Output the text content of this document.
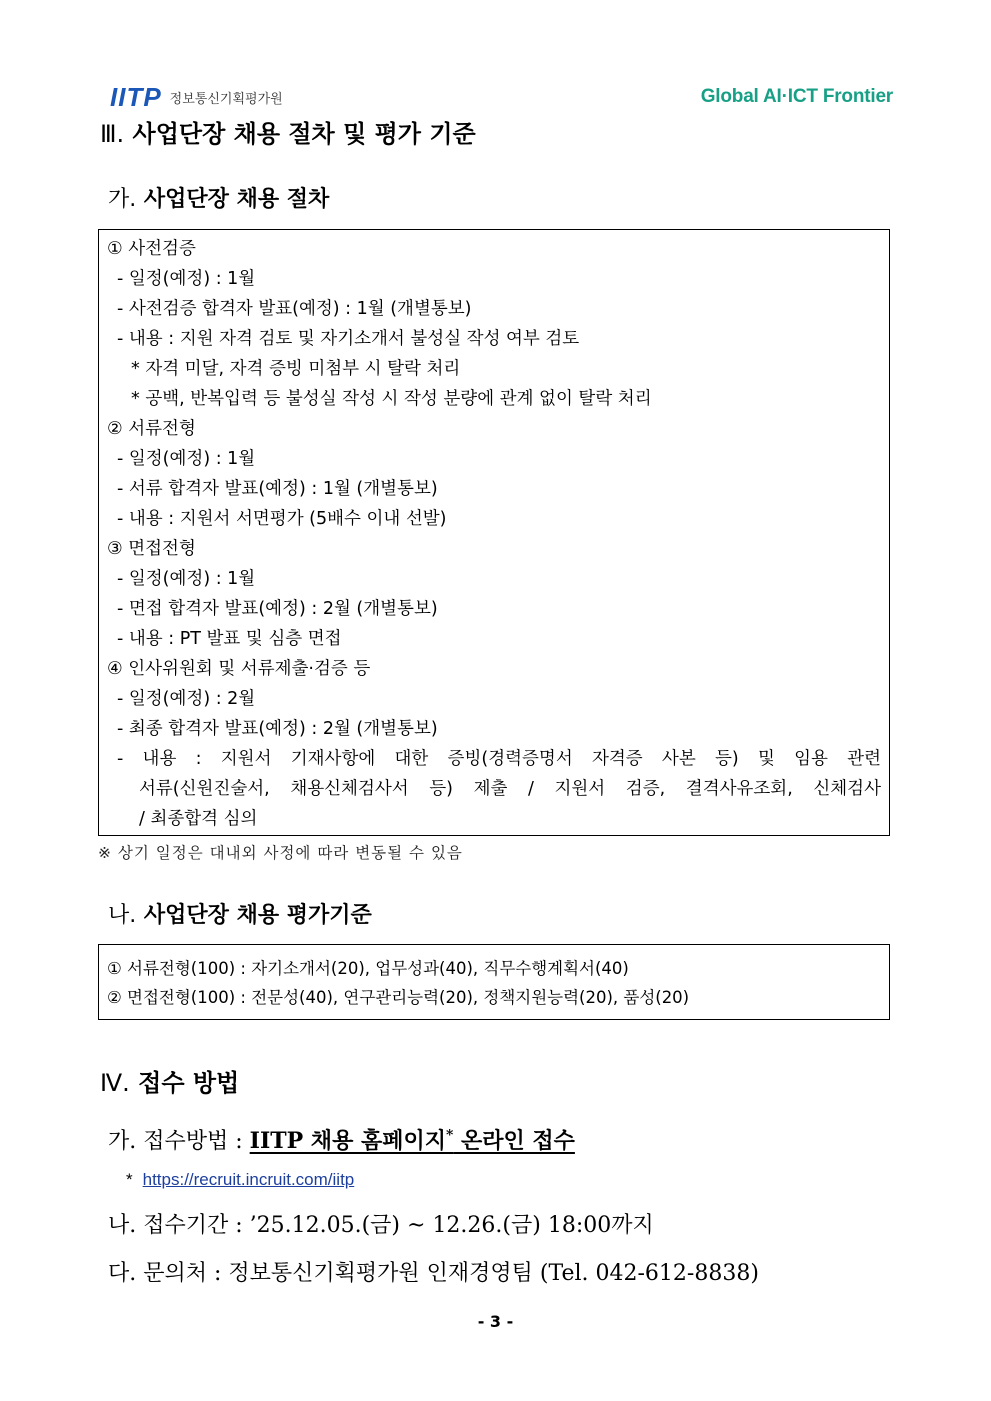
IITP 정보통신기획평가원	Global AI·ICT Frontier
Ⅲ. 사업단장 채용 절차 및 평가 기준
가. 사업단장 채용 절차
① 사전검증
- 일정(예정) : 1월
- 사전검증 합격자 발표(예정) : 1월 (개별통보)
- 내용 : 지원 자격 검토 및 자기소개서 불성실 작성 여부 검토
* 자격 미달, 자격 증빙 미첨부 시 탈락 처리
* 공백, 반복입력 등 불성실 작성 시 작성 분량에 관계 없이 탈락 처리
② 서류전형
- 일정(예정) : 1월
- 서류 합격자 발표(예정) : 1월 (개별통보)
- 내용 : 지원서 서면평가 (5배수 이내 선발)
③ 면접전형
- 일정(예정) : 1월
- 면접 합격자 발표(예정) : 2월 (개별통보)
- 내용 : PT 발표 및 심층 면접
④ 인사위원회 및 서류제출·검증 등
- 일정(예정) : 2월
- 최종 합격자 발표(예정) : 2월 (개별통보)
- 내용 : 지원서 기재사항에 대한 증빙(경력증명서 자격증 사본 등) 및 임용 관련
서류(신원진술서, 채용신체검사서 등) 제출 / 지원서 검증, 결격사유조회, 신체검사
/ 최종합격 심의
※ 상기 일정은 대내외 사정에 따라 변동될 수 있음
나. 사업단장 채용 평가기준
① 서류전형(100) : 자기소개서(20), 업무성과(40), 직무수행계획서(40)
② 면접전형(100) : 전문성(40), 연구관리능력(20), 정책지원능력(20), 품성(20)
Ⅳ. 접수 방법
가. 접수방법 : IITP 채용 홈페이지* 온라인 접수
* https://recruit.incruit.com/iitp
나. 접수기간 : ’25.12.05.(금) ~ 12.26.(금) 18:00까지
다. 문의처 : 정보통신기획평가원 인재경영팀 (Tel. 042-612-8838)
- 3 -
